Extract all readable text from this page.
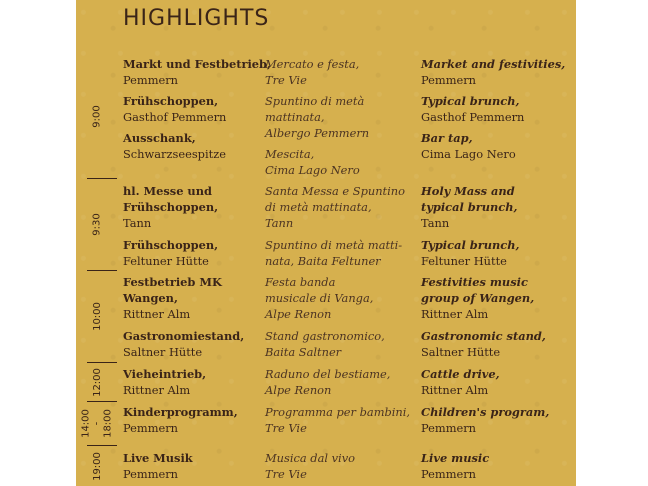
HIGHLIGHTS
9:00
9:30
10:00
12:00
14:00 - 18:00
19:00
Markt und Festbetrieb,
Pemmern
Mercato e festa,
Tre Vie
Market and festivities,
Pemmern
Frühschoppen,
Gasthof Pemmern
Spuntino di metà
mattinata,
Albergo Pemmern
Typical brunch,
Gasthof Pemmern
Ausschank,
Schwarzseespitze	Mescita,
Cima Lago Nero
Bar tap,
Cima Lago Nero
hl. Messe und
Frühschoppen,
Tann
Santa Messa e Spuntino
di metà mattinata,
Tann
Holy Mass and
typical brunch,
Tann
Frühschoppen,
Feltuner Hütte
Spuntino di metà matti-
nata, Baita Feltuner
Typical brunch,
Feltuner Hütte
Festbetrieb MK
Wangen,
Rittner Alm
Festa banda
musicale di Vanga,
Alpe Renon
Festivities music
group of Wangen,
Rittner Alm
Gastronomiestand,
Saltner Hütte
Stand gastronomico,
Baita Saltner
Gastronomic stand,
Saltner Hütte
Vieheintrieb,
Rittner Alm
Raduno del bestiame,
Alpe Renon
Cattle drive,
Rittner Alm
Kinderprogramm,
Pemmern
Programma per bambini,
Tre Vie
Children's program,
Pemmern
Live Musik
Pemmern
Musica dal vivo
Tre Vie
Live music
Pemmern
